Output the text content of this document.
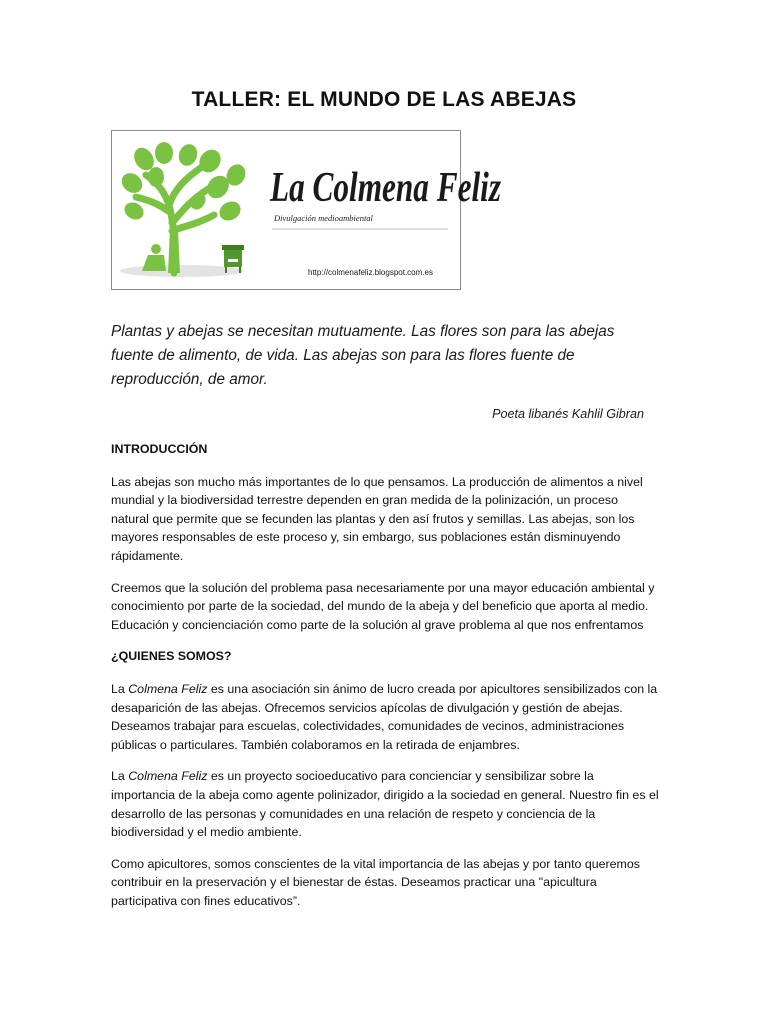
TALLER: EL MUNDO DE LAS ABEJAS
La Colmena Feliz
Divulgación medioambiental
http://colmenafeliz.blogspot.com.es
Plantas y abejas se necesitan mutuamente. Las flores son para las abejas fuente de alimento, de vida. Las abejas son para las flores fuente de reproducción, de amor.
Poeta libanés Kahlil Gibran
INTRODUCCIÓN

Las abejas son mucho más importantes de lo que pensamos. La producción de alimentos a nivel mundial y la biodiversidad terrestre dependen en gran medida de la polinización, un proceso natural que permite que se fecunden las plantas y den así frutos y semillas. Las abejas, son los mayores responsables de este proceso y, sin embargo, sus poblaciones están disminuyendo rápidamente.

Creemos que la solución del problema pasa necesariamente por una mayor educación ambiental y conocimiento por parte de la sociedad, del mundo de la abeja y del beneficio que aporta al medio. Educación y concienciación como parte de la solución al grave problema al que nos enfrentamos

¿QUIENES SOMOS?

La Colmena Feliz es una asociación sin ánimo de lucro creada por apicultores sensibilizados con la desaparición de las abejas. Ofrecemos servicios apícolas de divulgación y gestión de abejas. Deseamos trabajar para escuelas, colectividades, comunidades de vecinos, administraciones públicas o particulares. También colaboramos en la retirada de enjambres.

La Colmena Feliz es un proyecto socioeducativo para concienciar y sensibilizar sobre la importancia de la abeja como agente polinizador, dirigido a la sociedad en general. Nuestro fin es el desarrollo de las personas y comunidades en una relación de respeto y conciencia de la biodiversidad y el medio ambiente.

Como apicultores, somos conscientes de la vital importancia de las abejas y por tanto queremos contribuir en la preservación y el bienestar de éstas. Deseamos practicar una "apicultura participativa con fines educativos”.
